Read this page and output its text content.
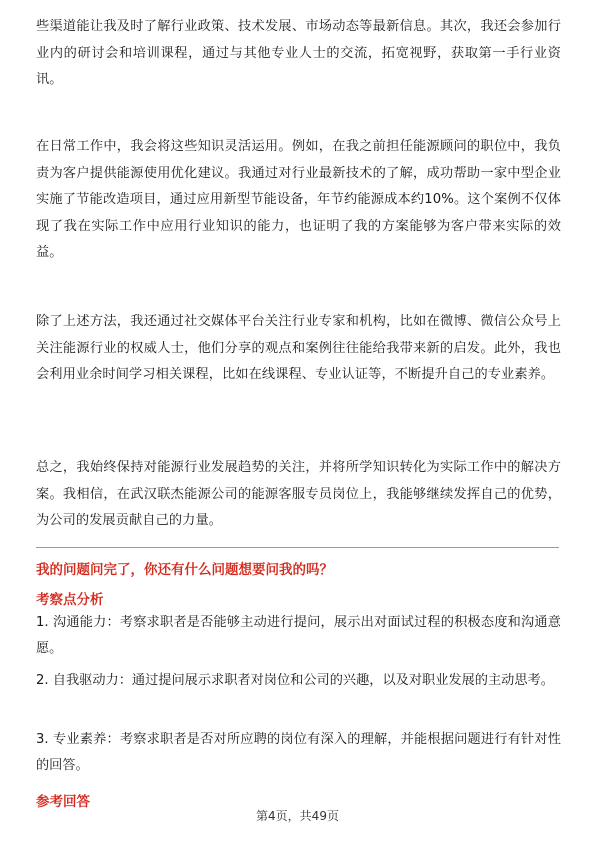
些渠道能让我及时了解行业政策、技术发展、市场动态等最新信息。其次，我还会参加行业内的研讨会和培训课程，通过与其他专业人士的交流，拓宽视野，获取第一手行业资讯。

在日常工作中，我会将这些知识灵活运用。例如，在我之前担任能源顾问的职位中，我负责为客户提供能源使用优化建议。我通过对行业最新技术的了解，成功帮助一家中型企业实施了节能改造项目，通过应用新型节能设备，年节约能源成本约10%。这个案例不仅体现了我在实际工作中应用行业知识的能力，也证明了我的方案能够为客户带来实际的效益。

除了上述方法，我还通过社交媒体平台关注行业专家和机构，比如在微博、微信公众号上关注能源行业的权威人士，他们分享的观点和案例往往能给我带来新的启发。此外，我也会利用业余时间学习相关课程，比如在线课程、专业认证等，不断提升自己的专业素养。

总之，我始终保持对能源行业发展趋势的关注，并将所学知识转化为实际工作中的解决方案。我相信，在武汉联杰能源公司的能源客服专员岗位上，我能够继续发挥自己的优势，为公司的发展贡献自己的力量。

我的问题问完了，你还有什么问题想要问我的吗？

考察点分析

1. 沟通能力：考察求职者是否能够主动进行提问，展示出对面试过程的积极态度和沟通意愿。

2. 自我驱动力：通过提问展示求职者对岗位和公司的兴趣，以及对职业发展的主动思考。

3. 专业素养：考察求职者是否对所应聘的岗位有深入的理解，并能根据问题进行有针对性的回答。

参考回答

第4页，共49页
